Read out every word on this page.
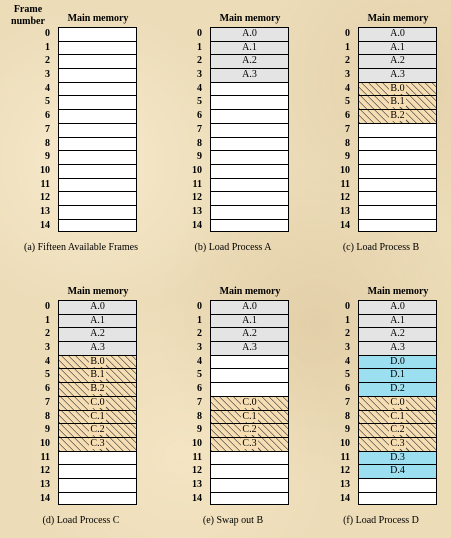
Frame number	Main memory
0
1
2
3
4
5
6
7
8
9
10
11
12
13
14
(a) Fifteen Available Frames
Main memory
0	A.0
1	A.1
2	A.2
3	A.3
4
5
6
7
8
9
10
11
12
13
14
(b) Load Process A
Main memory
0	A.0
1	A.1
2	A.2
3	A.3
4	B.0
5	B.1
6	B.2
7
8
9
10
11
12
13
14
(c) Load Process B
Main memory
0	A.0
1	A.1
2	A.2
3	A.3
4	B.0
5	B.1
6	B.2
7	C.0
8	C.1
9	C.2
10	C.3
11
12
13
14
(d) Load Process C
Main memory
0	A.0
1	A.1
2	A.2
3	A.3
4
5
6
7	C.0
8	C.1
9	C.2
10	C.3
11
12
13
14
(e) Swap out B
Main memory
0	A.0
1	A.1
2	A.2
3	A.3
4	D.0
5	D.1
6	D.2
7	C.0
8	C.1
9	C.2
10	C.3
11	D.3
12	D.4
13
14
(f) Load Process D
